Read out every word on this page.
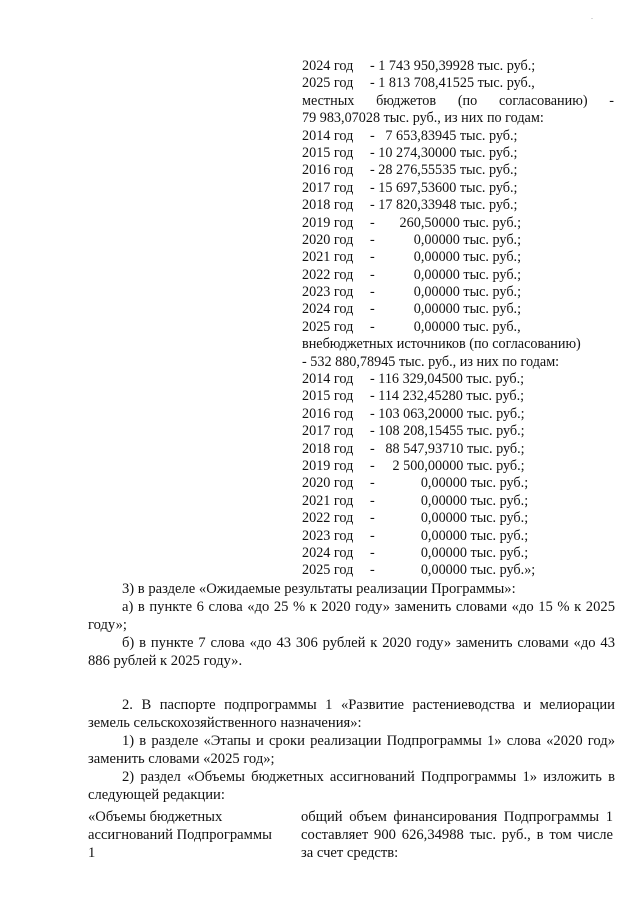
-
2024 год - 1 743 950,39928 тыс. руб.;
2025 год - 1 813 708,41525 тыс. руб.,
местных бюджетов (по согласованию) -
79 983,07028 тыс. руб., из них по годам:
2014 год -   7 653,83945 тыс. руб.;
2015 год - 10 274,30000 тыс. руб.;
2016 год - 28 276,55535 тыс. руб.;
2017 год - 15 697,53600 тыс. руб.;
2018 год - 17 820,33948 тыс. руб.;
2019 год -       260,50000 тыс. руб.;
2020 год -           0,00000 тыс. руб.;
2021 год -           0,00000 тыс. руб.;
2022 год -           0,00000 тыс. руб.;
2023 год -           0,00000 тыс. руб.;
2024 год -           0,00000 тыс. руб.;
2025 год -           0,00000 тыс. руб.,
внебюджетных источников (по согласованию)
- 532 880,78945 тыс. руб., из них по годам:
2014 год - 116 329,04500 тыс. руб.;
2015 год - 114 232,45280 тыс. руб.;
2016 год - 103 063,20000 тыс. руб.;
2017 год - 108 208,15455 тыс. руб.;
2018 год -   88 547,93710 тыс. руб.;
2019 год -     2 500,00000 тыс. руб.;
2020 год -             0,00000 тыс. руб.;
2021 год -             0,00000 тыс. руб.;
2022 год -             0,00000 тыс. руб.;
2023 год -             0,00000 тыс. руб.;
2024 год -             0,00000 тыс. руб.;
2025 год -             0,00000 тыс. руб.»;

3) в разделе «Ожидаемые результаты реализации Программы»:

а) в пункте 6 слова «до 25 % к 2020 году» заменить словами «до 15 % к 2025 году»;

б) в пункте 7 слова «до 43 306 рублей к 2020 году» заменить словами «до 43 886 рублей к 2025 году».

2. В паспорте подпрограммы 1 «Развитие растениеводства и мелиорации земель сельскохозяйственного назначения»:

1) в разделе «Этапы и сроки реализации Подпрограммы 1» слова «2020 год» заменить словами «2025 год»;

2) раздел «Объемы бюджетных ассигнований Подпрограммы 1» изложить в следующей редакции:

«Объемы бюджетных ассигнований Подпрограммы 1
общий объем финансирования Подпрограммы 1 составляет 900 626,34988 тыс. руб., в том числе за счет средств:
